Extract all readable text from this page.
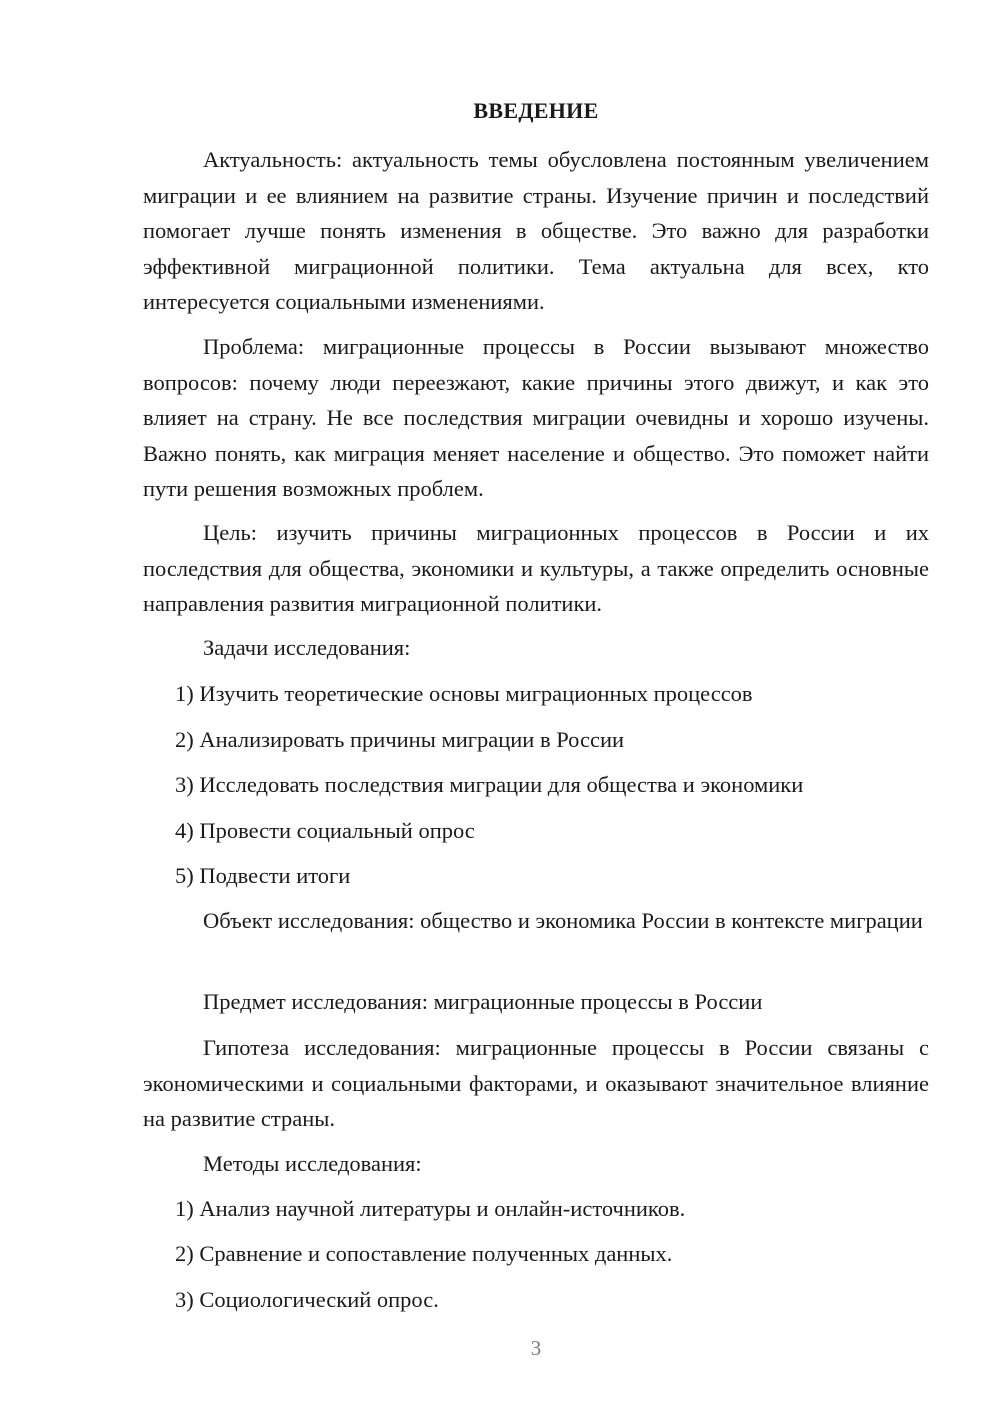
ВВЕДЕНИЕ

Актуальность: актуальность темы обусловлена постоянным увеличением миграции и ее влиянием на развитие страны. Изучение причин и последствий помогает лучше понять изменения в обществе. Это важно для разработки эффективной миграционной политики. Тема актуальна для всех, кто интересуется социальными изменениями.

Проблема: миграционные процессы в России вызывают множество вопросов: почему люди переезжают, какие причины этого движут, и как это влияет на страну. Не все последствия миграции очевидны и хорошо изучены. Важно понять, как миграция меняет население и общество. Это поможет найти пути решения возможных проблем.

Цель: изучить причины миграционных процессов в России и их последствия для общества, экономики и культуры, а также определить основные направления развития миграционной политики.

Задачи исследования:

1) Изучить теоретические основы миграционных процессов

2) Анализировать причины миграции в России

3) Исследовать последствия миграции для общества и экономики

4) Провести социальный опрос

5) Подвести итоги

Объект исследования: общество и экономика России в контексте миграции

Предмет исследования: миграционные процессы в России

Гипотеза исследования: миграционные процессы в России связаны с экономическими и социальными факторами, и оказывают значительное влияние на развитие страны.

Методы исследования:

1) Анализ научной литературы и онлайн-источников.

2) Сравнение и сопоставление полученных данных.

3) Социологический опрос.

3
